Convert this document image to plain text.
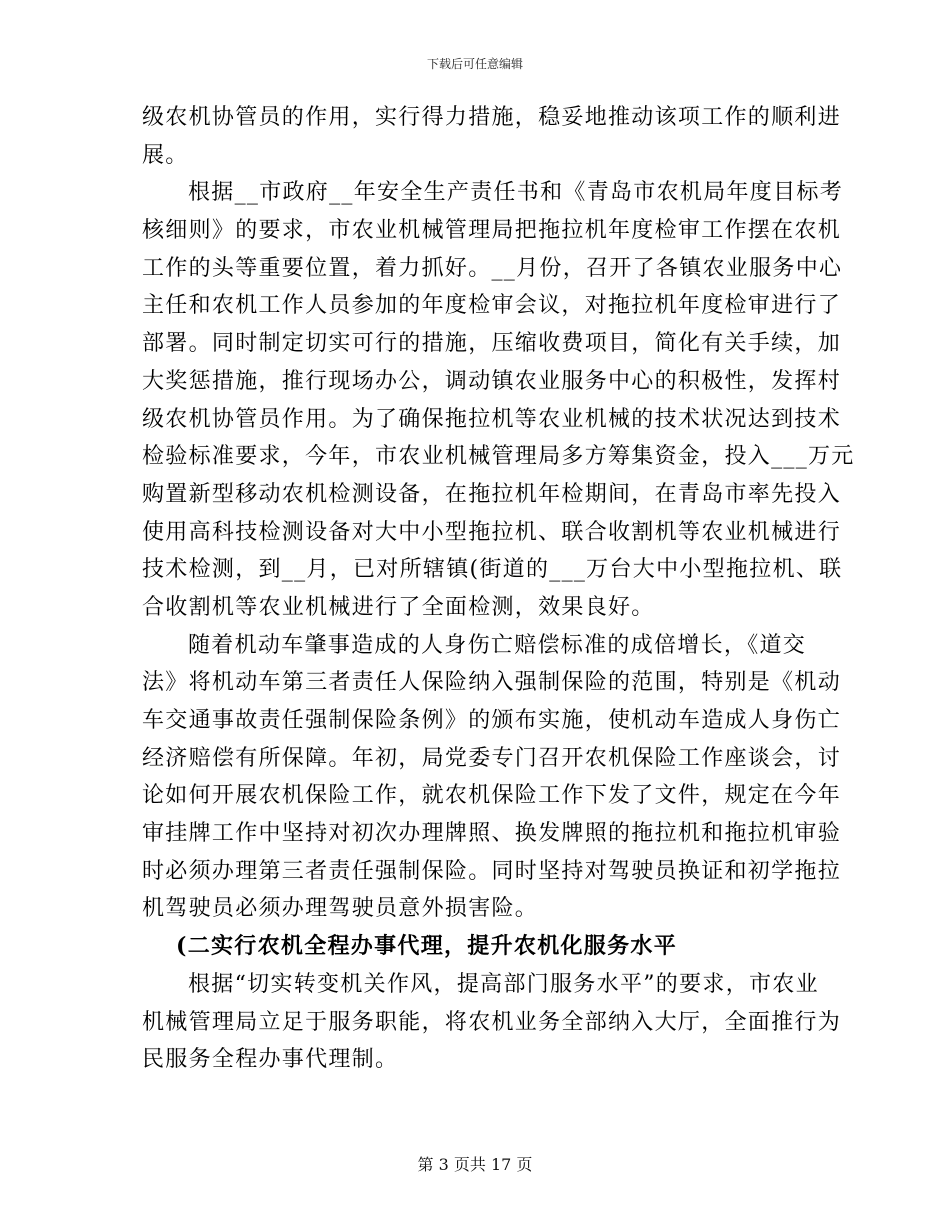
下载后可任意编辑
级农机协管员的作用，实行得力措施，稳妥地推动该项工作的顺利进
展。
根据__市政府__年安全生产责任书和《青岛市农机局年度目标考
核细则》的要求，市农业机械管理局把拖拉机年度检审工作摆在农机
工作的头等重要位置，着力抓好。__月份，召开了各镇农业服务中心
主任和农机工作人员参加的年度检审会议，对拖拉机年度检审进行了
部署。同时制定切实可行的措施，压缩收费项目，简化有关手续，加
大奖惩措施，推行现场办公，调动镇农业服务中心的积极性，发挥村
级农机协管员作用。为了确保拖拉机等农业机械的技术状况达到技术
检验标准要求，今年，市农业机械管理局多方筹集资金，投入___万元
购置新型移动农机检测设备，在拖拉机年检期间，在青岛市率先投入
使用高科技检测设备对大中小型拖拉机、联合收割机等农业机械进行
技术检测，到__月，已对所辖镇(街道的___万台大中小型拖拉机、联
合收割机等农业机械进行了全面检测，效果良好。
随着机动车肇事造成的人身伤亡赔偿标准的成倍增长，《道交
法》将机动车第三者责任人保险纳入强制保险的范围，特别是《机动
车交通事故责任强制保险条例》的颁布实施，使机动车造成人身伤亡
经济赔偿有所保障。年初，局党委专门召开农机保险工作座谈会，讨
论如何开展农机保险工作，就农机保险工作下发了文件，规定在今年
审挂牌工作中坚持对初次办理牌照、换发牌照的拖拉机和拖拉机审验
时必须办理第三者责任强制保险。同时坚持对驾驶员换证和初学拖拉
机驾驶员必须办理驾驶员意外损害险。
(二实行农机全程办事代理，提升农机化服务水平
根据“切实转变机关作风，提高部门服务水平”的要求，市农业
机械管理局立足于服务职能，将农机业务全部纳入大厅，全面推行为
民服务全程办事代理制。
第 3 页共 17 页
